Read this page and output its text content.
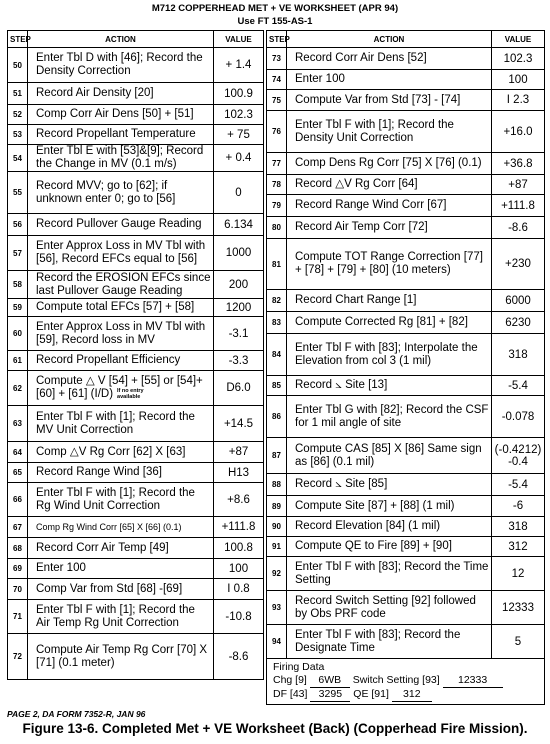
M712 COPPERHEAD MET + VE WORKSHEET (APR 94)
Use FT 155-AS-1
STEP	ACTION	VALUE
50	Enter Tbl D with [46]; Record the Density Correction	+ 1.4
51	Record Air Density [20]	100.9
52	Comp Corr Air Dens [50] + [51]	102.3
53	Record Propellant Temperature	+ 75
54	Enter Tbl E with [53]&[9]; Record the Change in MV (0.1 m/s)	+ 0.4
55	Record MVV; go to [62]; if unknown enter 0; go to [56]	0
56	Record Pullover Gauge Reading	6.134
57	Enter Approx Loss in MV Tbl with [56], Record EFCs equal to [56]	1000
58	Record the EROSION EFCs since last Pullover Gauge Reading	200
59	Compute total EFCs [57] + [58]	1200
60	Enter Approx Loss in MV Tbl with [59], Record loss in MV	-3.1
61	Record Propellant Efficiency	-3.3
62	Compute △ V [54] + [55] or [54]+ [60] + [61] (I/D) If no entry available	D6.0
63	Enter Tbl F with [1]; Record the MV Unit Correction	+14.5
64	Comp △V Rg Corr [62] X [63]	+87
65	Record Range Wind [36]	H13
66	Enter Tbl F with [1]; Record the Rg Wind Unit Correction	+8.6
67	Comp Rg Wind Corr [65] X [66] (0.1)	+111.8
68	Record Corr Air Temp [49]	100.8
69	Enter 100	100
70	Comp Var from Std [68] -[69]	I 0.8
71	Enter Tbl F with [1]; Record the Air Temp Rg Unit Correction	-10.8
72	Compute Air Temp Rg Corr [70] X [71] (0.1 meter)	-8.6
STEP	ACTION	VALUE
73	Record Corr Air Dens [52]	102.3
74	Enter 100	100
75	Compute Var from Std [73] - [74]	I 2.3
76	Enter Tbl F with [1]; Record the Density Unit Correction	+16.0
77	Comp Dens Rg Corr [75] X [76] (0.1)	+36.8
78	Record △V Rg Corr [64]	+87
79	Record Range Wind Corr [67]	+111.8
80	Record Air Temp Corr [72]	-8.6
81	Compute TOT Range Correction [77] + [78] + [79] + [80] (10 meters)	+230
82	Record Chart Range [1]	6000
83	Compute Corrected Rg [81] + [82]	6230
84	Enter Tbl F with [83]; Interpolate the Elevation from col 3 (1 mil)	318
85	Record ⦣ Site [13]	-5.4
86	Enter Tbl G with [82]; Record the CSF for 1 mil angle of site	-0.078
87	Compute CAS [85] X [86] Same sign as [86] (0.1 mil)	(-0.4212)
-0.4
88	Record ⦣ Site [85]	-5.4
89	Compute Site [87] + [88] (1 mil)	-6
90	Record Elevation [84] (1 mil)	318
91	Compute QE to Fire [89] + [90]	312
92	Enter Tbl F with [83]; Record the Time Setting	12
93	Record Switch Setting [92] followed by Obs PRF code	12333
94	Enter Tbl F with [83]; Record the Designate Time	5

Firing Data
Chg [9] 6WB Switch Setting [93] 12333
DF [43] 3295 QE [91] 312		
PAGE 2, DA FORM 7352-R, JAN 96
Figure 13-6. Completed Met + VE Worksheet (Back) (Copperhead Fire Mission).
